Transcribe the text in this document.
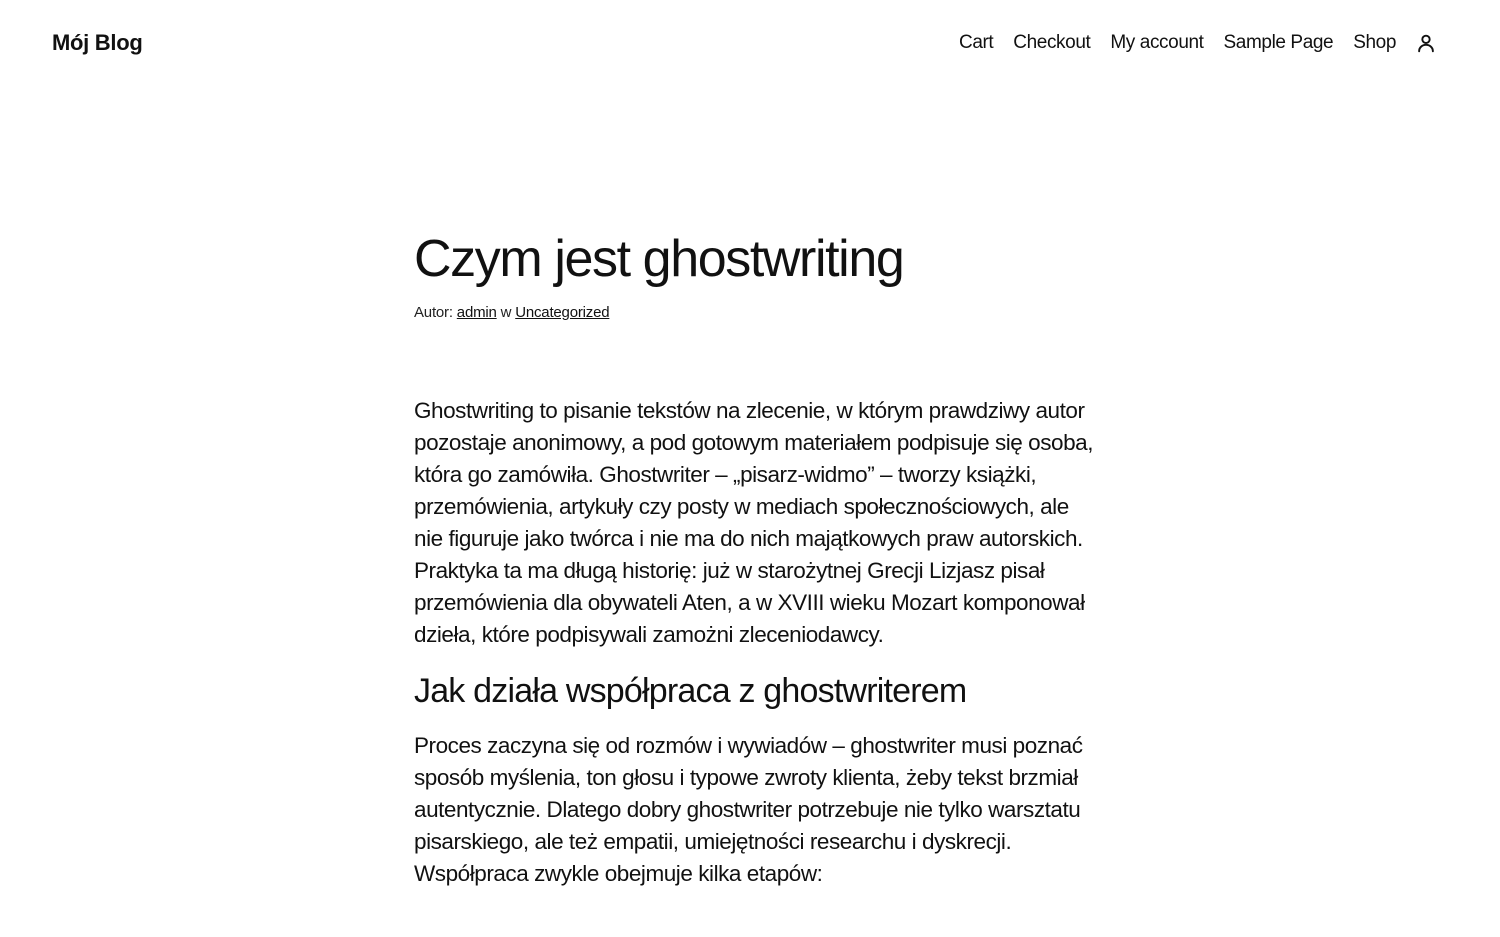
Mój Blog	Cart Checkout My account Sample Page Shop
Czym jest ghostwriting
Autor: admin w Uncategorized

Ghostwriting to pisanie tekstów na zlecenie, w którym prawdziwy autor pozostaje anonimowy, a pod gotowym materiałem podpisuje się osoba, która go zamówiła. Ghostwriter – „pisarz-widmo” – tworzy książki, przemówienia, artykuły czy posty w mediach społecznościowych, ale nie figuruje jako twórca i nie ma do nich majątkowych praw autorskich. Praktyka ta ma długą historię: już w starożytnej Grecji Lizjasz pisał przemówienia dla obywateli Aten, a w XVIII wieku Mozart komponował dzieła, które podpisywali zamożni zleceniodawcy.

Jak działa współpraca z ghostwriterem

Proces zaczyna się od rozmów i wywiadów – ghostwriter musi poznać sposób myślenia, ton głosu i typowe zwroty klienta, żeby tekst brzmiał autentycznie. Dlatego dobry ghostwriter potrzebuje nie tylko warsztatu pisarskiego, ale też empatii, umiejętności researchu i dyskrecji. Współpraca zwykle obejmuje kilka etapów:
